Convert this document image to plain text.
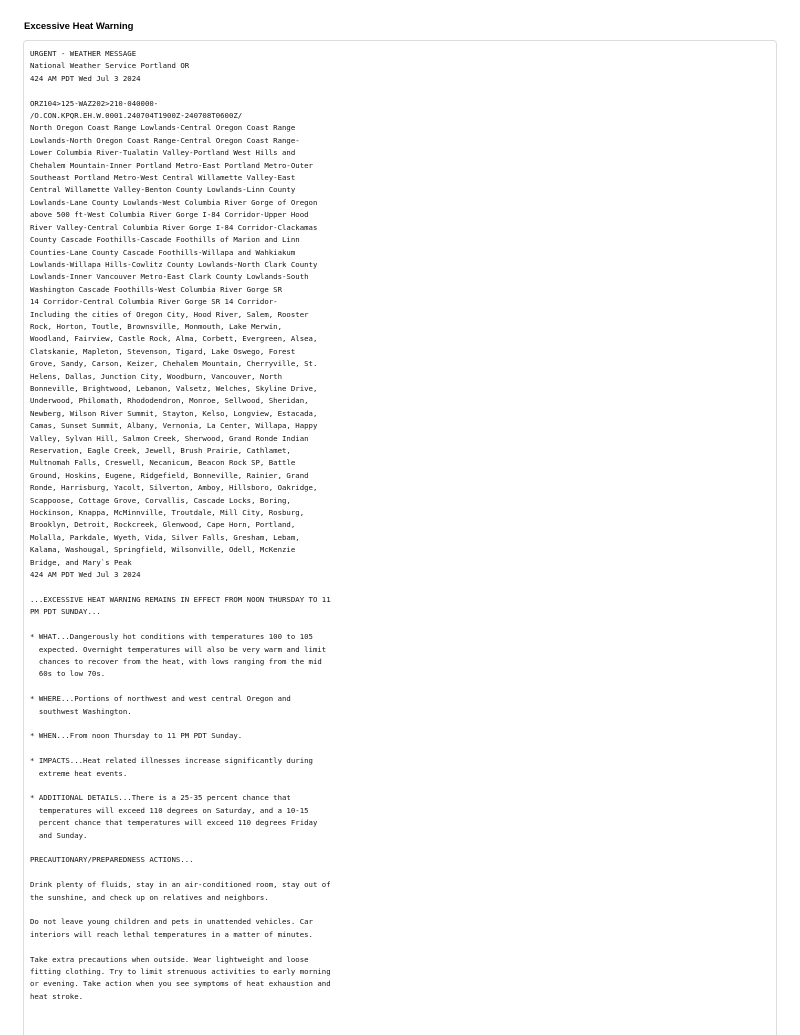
Excessive Heat Warning
URGENT - WEATHER MESSAGE
National Weather Service Portland OR
424 AM PDT Wed Jul 3 2024

ORZ104>125-WAZ202>210-040000-
/O.CON.KPQR.EH.W.0001.240704T1900Z-240708T0600Z/
North Oregon Coast Range Lowlands-Central Oregon Coast Range
Lowlands-North Oregon Coast Range-Central Oregon Coast Range-
Lower Columbia River-Tualatin Valley-Portland West Hills and
Chehalem Mountain-Inner Portland Metro-East Portland Metro-Outer
Southeast Portland Metro-West Central Willamette Valley-East
Central Willamette Valley-Benton County Lowlands-Linn County
Lowlands-Lane County Lowlands-West Columbia River Gorge of Oregon
above 500 ft-West Columbia River Gorge I-84 Corridor-Upper Hood
River Valley-Central Columbia River Gorge I-84 Corridor-Clackamas
County Cascade Foothills-Cascade Foothills of Marion and Linn
Counties-Lane County Cascade Foothills-Willapa and Wahkiakum
Lowlands-Willapa Hills-Cowlitz County Lowlands-North Clark County
Lowlands-Inner Vancouver Metro-East Clark County Lowlands-South
Washington Cascade Foothills-West Columbia River Gorge SR
14 Corridor-Central Columbia River Gorge SR 14 Corridor-
Including the cities of Oregon City, Hood River, Salem, Rooster
Rock, Horton, Toutle, Brownsville, Monmouth, Lake Merwin,
Woodland, Fairview, Castle Rock, Alma, Corbett, Evergreen, Alsea,
Clatskanie, Mapleton, Stevenson, Tigard, Lake Oswego, Forest
Grove, Sandy, Carson, Keizer, Chehalem Mountain, Cherryville, St.
Helens, Dallas, Junction City, Woodburn, Vancouver, North
Bonneville, Brightwood, Lebanon, Valsetz, Welches, Skyline Drive,
Underwood, Philomath, Rhododendron, Monroe, Sellwood, Sheridan,
Newberg, Wilson River Summit, Stayton, Kelso, Longview, Estacada,
Camas, Sunset Summit, Albany, Vernonia, La Center, Willapa, Happy
Valley, Sylvan Hill, Salmon Creek, Sherwood, Grand Ronde Indian
Reservation, Eagle Creek, Jewell, Brush Prairie, Cathlamet,
Multnomah Falls, Creswell, Necanicum, Beacon Rock SP, Battle
Ground, Hoskins, Eugene, Ridgefield, Bonneville, Rainier, Grand
Ronde, Harrisburg, Yacolt, Silverton, Amboy, Hillsboro, Oakridge,
Scappoose, Cottage Grove, Corvallis, Cascade Locks, Boring,
Hockinson, Knappa, McMinnville, Troutdale, Mill City, Rosburg,
Brooklyn, Detroit, Rockcreek, Glenwood, Cape Horn, Portland,
Molalla, Parkdale, Wyeth, Vida, Silver Falls, Gresham, Lebam,
Kalama, Washougal, Springfield, Wilsonville, Odell, McKenzie
Bridge, and Mary`s Peak
424 AM PDT Wed Jul 3 2024

...EXCESSIVE HEAT WARNING REMAINS IN EFFECT FROM NOON THURSDAY TO 11
PM PDT SUNDAY...

* WHAT...Dangerously hot conditions with temperatures 100 to 105
expected. Overnight temperatures will also be very warm and limit
chances to recover from the heat, with lows ranging from the mid
60s to low 70s.

* WHERE...Portions of northwest and west central Oregon and
southwest Washington.

* WHEN...From noon Thursday to 11 PM PDT Sunday.

* IMPACTS...Heat related illnesses increase significantly during
extreme heat events.

* ADDITIONAL DETAILS...There is a 25-35 percent chance that
temperatures will exceed 110 degrees on Saturday, and a 10-15
percent chance that temperatures will exceed 110 degrees Friday
and Sunday.

PRECAUTIONARY/PREPAREDNESS ACTIONS...

Drink plenty of fluids, stay in an air-conditioned room, stay out of
the sunshine, and check up on relatives and neighbors.

Do not leave young children and pets in unattended vehicles. Car
interiors will reach lethal temperatures in a matter of minutes.

Take extra precautions when outside. Wear lightweight and loose
fitting clothing. Try to limit strenuous activities to early morning
or evening. Take action when you see symptoms of heat exhaustion and
heat stroke.
